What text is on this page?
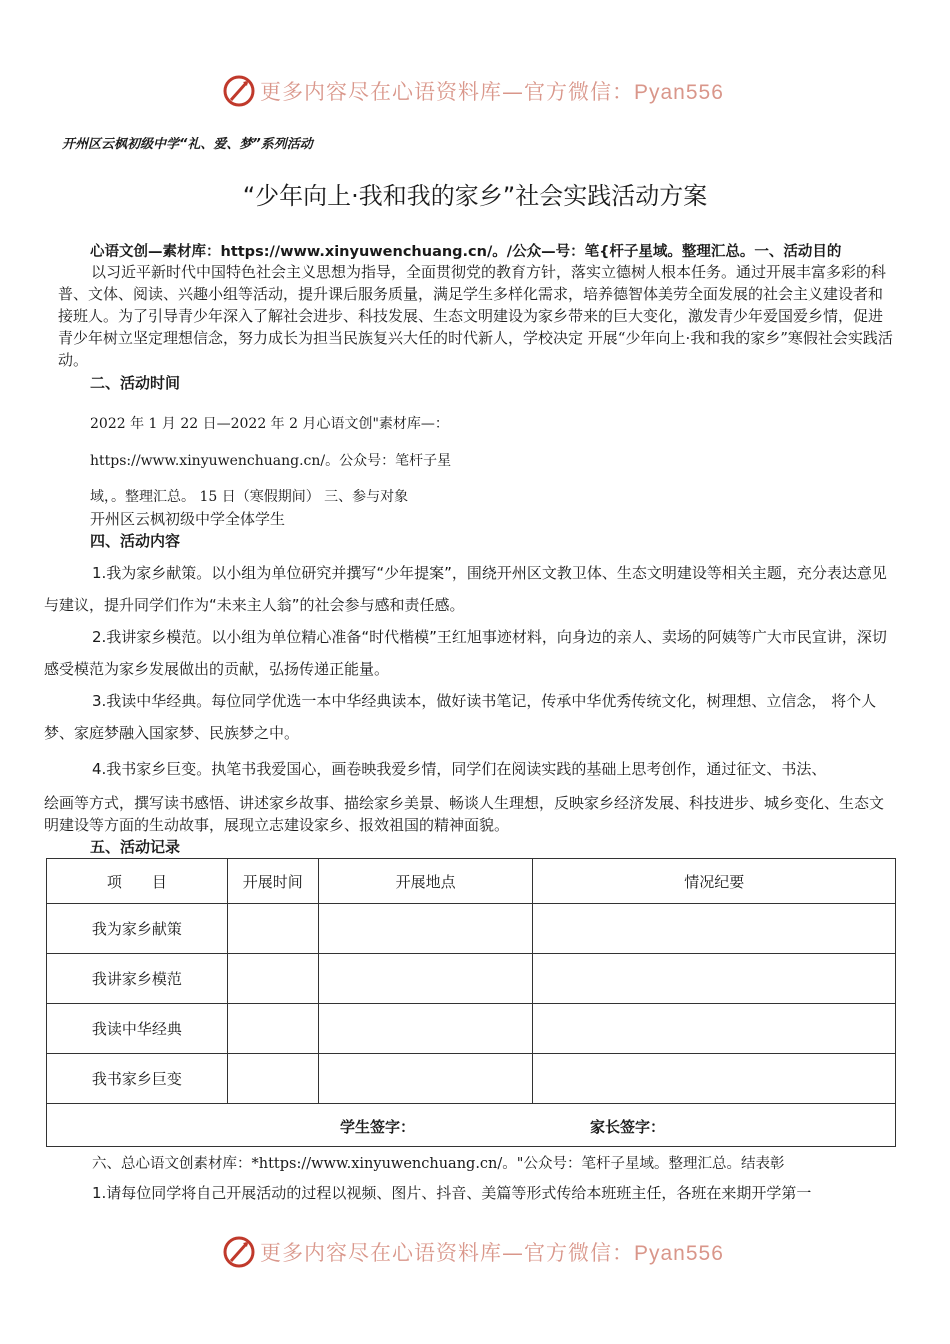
更多内容尽在心语资料库—官方微信：Pyan556
开州区云枫初级中学“礼、爱、梦”系列活动
“少年向上·我和我的家乡”社会实践活动方案
心语文创—素材库：https://www.xinyuwenchuang.cn/。/公众—号：笔{杆子星域。整理汇总。一、活动目的
以习近平新时代中国特色社会主义思想为指导，全面贯彻党的教育方针，落实立德树人根本任务。通过开展丰富多彩的科普、文体、阅读、兴趣小组等活动，提升课后服务质量，满足学生多样化需求，培养德智体美劳全面发展的社会主义建设者和接班人。为了引导青少年深入了解社会进步、科技发展、生态文明建设为家乡带来的巨大变化，激发青少年爱国爱乡情，促进青少年树立坚定理想信念，努力成长为担当民族复兴大任的时代新人，学校决定 开展“少年向上·我和我的家乡”寒假社会实践活动。
二、活动时间
2022 年 1 月 22 日—2022 年 2 月心语文创"素材库—：
https://www.xinyuwenchuang.cn/。公众号：笔杆子星
域，。整理汇总。 15 日（寒假期间） 三、参与对象
开州区云枫初级中学全体学生
四、活动内容
1.我为家乡献策。以小组为单位研究并撰写“少年提案”，围绕开州区文教卫体、生态文明建设等相关主题，充分表达意见与建议，提升同学们作为“未来主人翁”的社会参与感和责任感。
2.我讲家乡模范。以小组为单位精心准备“时代楷模”王红旭事迹材料，向身边的亲人、卖场的阿姨等广大市民宣讲，深切感受模范为家乡发展做出的贡献，弘扬传递正能量。
3.我读中华经典。每位同学优选一本中华经典读本，做好读书笔记，传承中华优秀传统文化，树理想、立信念， 将个人梦、家庭梦融入国家梦、民族梦之中。
4.我书家乡巨变。执笔书我爱国心，画卷映我爱乡情，同学们在阅读实践的基础上思考创作，通过征文、书法、
绘画等方式，撰写读书感悟、讲述家乡故事、描绘家乡美景、畅谈人生理想，反映家乡经济发展、科技进步、城乡变化、生态文明建设等方面的生动故事，展现立志建设家乡、报效祖国的精神面貌。
五、活动记录
项　　目	开展时间	开展地点	情况纪要
我为家乡献策			
我讲家乡模范			
我读中华经典			
我书家乡巨变			

学生签字： 家长签字：			
六、总心语文创素材库：*https://www.xinyuwenchuang.cn/。"公众号：笔杆子星域。整理汇总。结表彰
1.请每位同学将自己开展活动的过程以视频、图片、抖音、美篇等形式传给本班班主任，各班在来期开学第一
更多内容尽在心语资料库—官方微信：Pyan556
